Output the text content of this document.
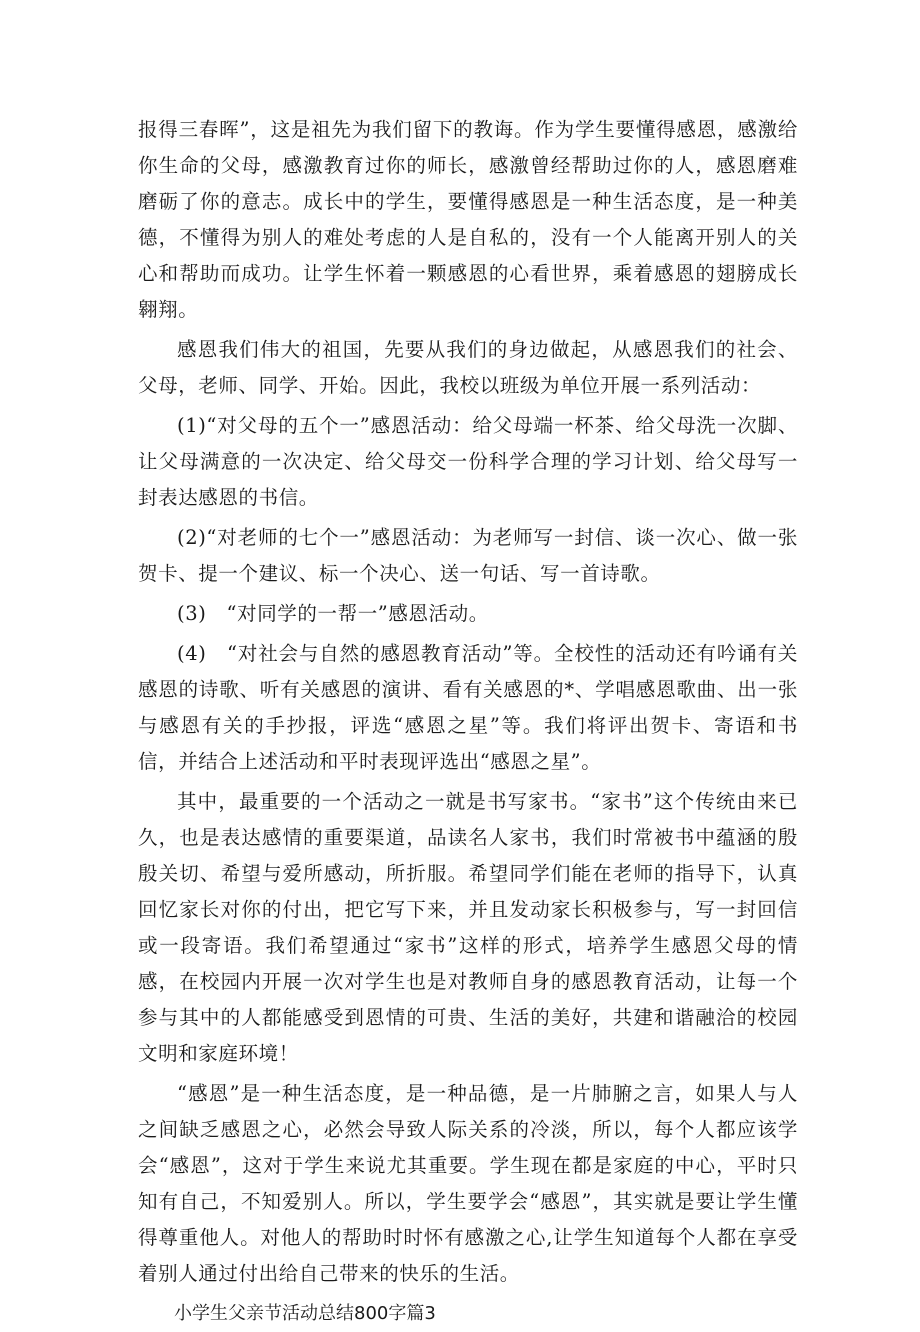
报得三春晖”，这是祖先为我们留下的教诲。作为学生要懂得感恩，感激给你生命的父母，感激教育过你的师长，感激曾经帮助过你的人，感恩磨难磨砺了你的意志。成长中的学生，要懂得感恩是一种生活态度，是一种美德，不懂得为别人的难处考虑的人是自私的，没有一个人能离开别人的关心和帮助而成功。让学生怀着一颗感恩的心看世界，乘着感恩的翅膀成长翱翔。

感恩我们伟大的祖国，先要从我们的身边做起，从感恩我们的社会、父母，老师、同学、开始。因此，我校以班级为单位开展一系列活动：

(1)“对父母的五个一”感恩活动：给父母端一杯茶、给父母洗一次脚、让父母满意的一次决定、给父母交一份科学合理的学习计划、给父母写一封表达感恩的书信。

(2)“对老师的七个一”感恩活动：为老师写一封信、谈一次心、做一张贺卡、提一个建议、标一个决心、送一句话、写一首诗歌。

(3)　“对同学的一帮一”感恩活动。

(4)　“对社会与自然的感恩教育活动”等。全校性的活动还有吟诵有关感恩的诗歌、听有关感恩的演讲、看有关感恩的*、学唱感恩歌曲、出一张与感恩有关的手抄报，评选“感恩之星”等。我们将评出贺卡、寄语和书信，并结合上述活动和平时表现评选出“感恩之星”。

其中，最重要的一个活动之一就是书写家书。“家书”这个传统由来已久，也是表达感情的重要渠道，品读名人家书，我们时常被书中蕴涵的殷殷关切、希望与爱所感动，所折服。希望同学们能在老师的指导下，认真回忆家长对你的付出，把它写下来，并且发动家长积极参与，写一封回信或一段寄语。我们希望通过“家书”这样的形式，培养学生感恩父母的情感，在校园内开展一次对学生也是对教师自身的感恩教育活动，让每一个参与其中的人都能感受到恩情的可贵、生活的美好，共建和谐融洽的校园文明和家庭环境！

“感恩”是一种生活态度，是一种品德，是一片肺腑之言，如果人与人之间缺乏感恩之心，必然会导致人际关系的冷淡，所以，每个人都应该学会“感恩”，这对于学生来说尤其重要。学生现在都是家庭的中心，平时只知有自己，不知爱别人。所以，学生要学会“感恩”，其实就是要让学生懂得尊重他人。对他人的帮助时时怀有感激之心,让学生知道每个人都在享受着别人通过付出给自己带来的快乐的生活。

小学生父亲节活动总结800字篇3
